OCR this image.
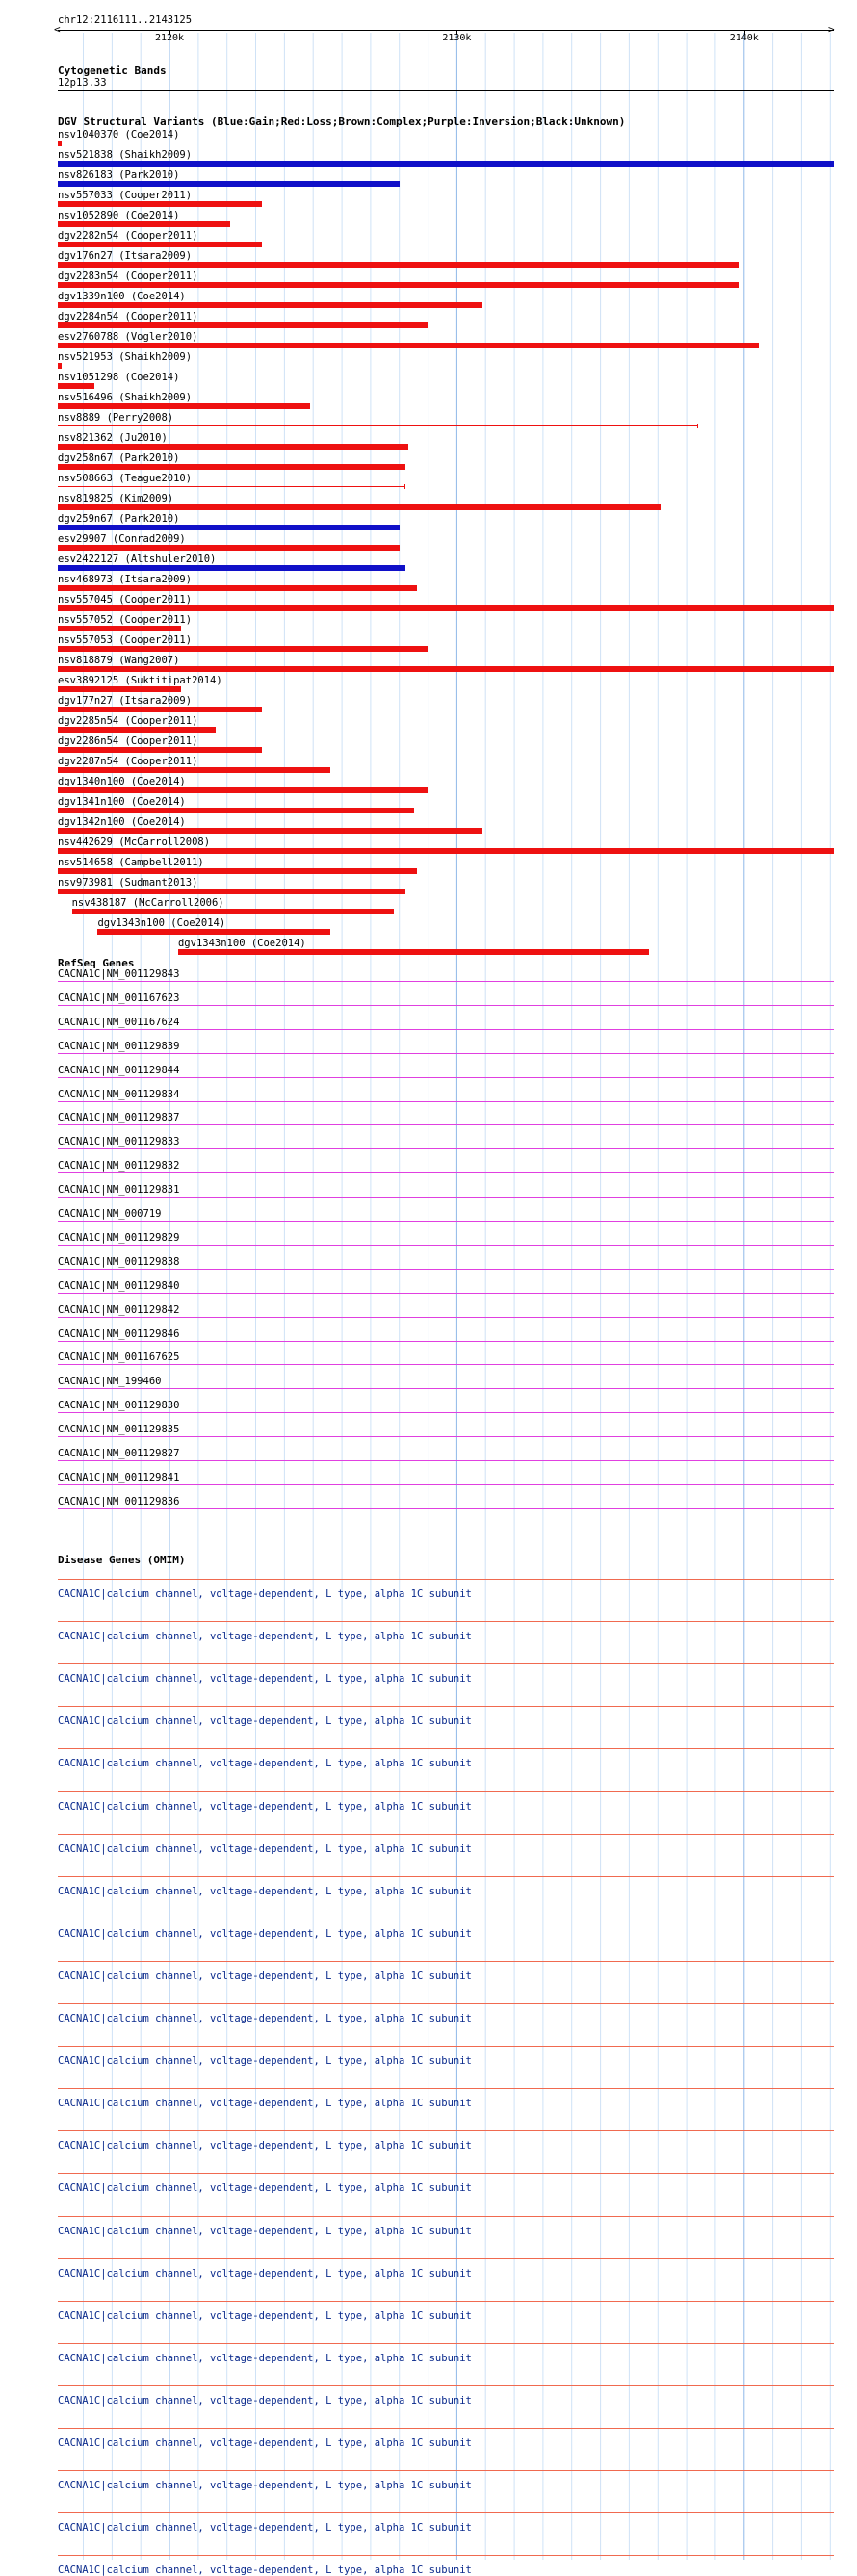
chr12:2116111..2143125
<	>
2120k	2130k	2140k
Cytogenetic Bands
12p13.33
DGV Structural Variants (Blue:Gain;Red:Loss;Brown:Complex;Purple:Inversion;Black:Unknown)
nsv1040370 (Coe2014)
nsv521838 (Shaikh2009)
nsv826183 (Park2010)
nsv557033 (Cooper2011)
nsv1052890 (Coe2014)
dgv2282n54 (Cooper2011)
dgv176n27 (Itsara2009)
dgv2283n54 (Cooper2011)
dgv1339n100 (Coe2014)
dgv2284n54 (Cooper2011)
esv2760788 (Vogler2010)
nsv521953 (Shaikh2009)
nsv1051298 (Coe2014)
nsv516496 (Shaikh2009)
nsv8889 (Perry2008)
nsv821362 (Ju2010)
dgv258n67 (Park2010)
nsv508663 (Teague2010)
nsv819825 (Kim2009)
dgv259n67 (Park2010)
esv29907 (Conrad2009)
esv2422127 (Altshuler2010)
nsv468973 (Itsara2009)
nsv557045 (Cooper2011)
nsv557052 (Cooper2011)
nsv557053 (Cooper2011)
nsv818879 (Wang2007)
esv3892125 (Suktitipat2014)
dgv177n27 (Itsara2009)
dgv2285n54 (Cooper2011)
dgv2286n54 (Cooper2011)
dgv2287n54 (Cooper2011)
dgv1340n100 (Coe2014)
dgv1341n100 (Coe2014)
dgv1342n100 (Coe2014)
nsv442629 (McCarroll2008)
nsv514658 (Campbell2011)
nsv973981 (Sudmant2013)
nsv438187 (McCarroll2006)
dgv1343n100 (Coe2014)
dgv1343n100 (Coe2014)
RefSeq Genes
CACNA1C|NM_001129843
CACNA1C|NM_001167623
CACNA1C|NM_001167624
CACNA1C|NM_001129839
CACNA1C|NM_001129844
CACNA1C|NM_001129834
CACNA1C|NM_001129837
CACNA1C|NM_001129833
CACNA1C|NM_001129832
CACNA1C|NM_001129831
CACNA1C|NM_000719
CACNA1C|NM_001129829
CACNA1C|NM_001129838
CACNA1C|NM_001129840
CACNA1C|NM_001129842
CACNA1C|NM_001129846
CACNA1C|NM_001167625
CACNA1C|NM_199460
CACNA1C|NM_001129830
CACNA1C|NM_001129835
CACNA1C|NM_001129827
CACNA1C|NM_001129841
CACNA1C|NM_001129836
Disease Genes (OMIM)
CACNA1C|calcium channel, voltage-dependent, L type, alpha 1C subunit
CACNA1C|calcium channel, voltage-dependent, L type, alpha 1C subunit
CACNA1C|calcium channel, voltage-dependent, L type, alpha 1C subunit
CACNA1C|calcium channel, voltage-dependent, L type, alpha 1C subunit
CACNA1C|calcium channel, voltage-dependent, L type, alpha 1C subunit
CACNA1C|calcium channel, voltage-dependent, L type, alpha 1C subunit
CACNA1C|calcium channel, voltage-dependent, L type, alpha 1C subunit
CACNA1C|calcium channel, voltage-dependent, L type, alpha 1C subunit
CACNA1C|calcium channel, voltage-dependent, L type, alpha 1C subunit
CACNA1C|calcium channel, voltage-dependent, L type, alpha 1C subunit
CACNA1C|calcium channel, voltage-dependent, L type, alpha 1C subunit
CACNA1C|calcium channel, voltage-dependent, L type, alpha 1C subunit
CACNA1C|calcium channel, voltage-dependent, L type, alpha 1C subunit
CACNA1C|calcium channel, voltage-dependent, L type, alpha 1C subunit
CACNA1C|calcium channel, voltage-dependent, L type, alpha 1C subunit
CACNA1C|calcium channel, voltage-dependent, L type, alpha 1C subunit
CACNA1C|calcium channel, voltage-dependent, L type, alpha 1C subunit
CACNA1C|calcium channel, voltage-dependent, L type, alpha 1C subunit
CACNA1C|calcium channel, voltage-dependent, L type, alpha 1C subunit
CACNA1C|calcium channel, voltage-dependent, L type, alpha 1C subunit
CACNA1C|calcium channel, voltage-dependent, L type, alpha 1C subunit
CACNA1C|calcium channel, voltage-dependent, L type, alpha 1C subunit
CACNA1C|calcium channel, voltage-dependent, L type, alpha 1C subunit
CACNA1C|calcium channel, voltage-dependent, L type, alpha 1C subunit
